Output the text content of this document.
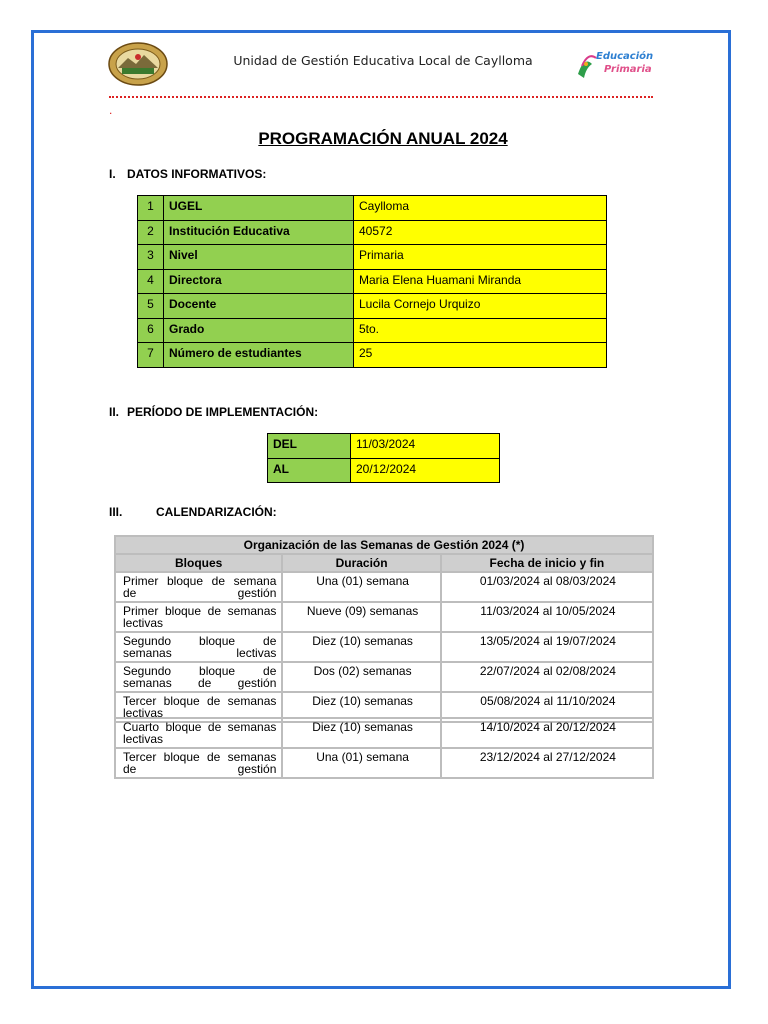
Unidad de Gestión Educativa Local de Caylloma	Educación
Primaria
.
PROGRAMACIÓN ANUAL 2024
I. DATOS INFORMATIVOS:
1	UGEL	Caylloma
2	Institución Educativa	40572
3	Nivel	Primaria
4	Directora	Maria Elena Huamani Miranda
5	Docente	Lucila Cornejo Urquizo
6	Grado	5to.
7	Número de estudiantes	25
II. PERÍODO DE IMPLEMENTACIÓN:
DEL	11/03/2024
AL	20/12/2024
III.	CALENDARIZACIÓN:
Organización de las Semanas de Gestión 2024 (*)		
Bloques	Duración	Fecha de inicio y fin
Primer bloque de semana de gestión	Una (01) semana	01/03/2024 al 08/03/2024
Primer bloque de semanas lectivas	Nueve (09) semanas	11/03/2024 al 10/05/2024
Segundo bloque de semanas lectivas	Diez (10) semanas	13/05/2024 al 19/07/2024
Segundo bloque de semanas de gestión	Dos (02) semanas	22/07/2024 al 02/08/2024
Tercer bloque de semanas lectivas	Diez (10) semanas	05/08/2024 al 11/10/2024
Cuarto bloque de semanas lectivas	Diez (10) semanas	14/10/2024 al 20/12/2024
Tercer bloque de semanas de gestión	Una (01) semana	23/12/2024 al 27/12/2024
